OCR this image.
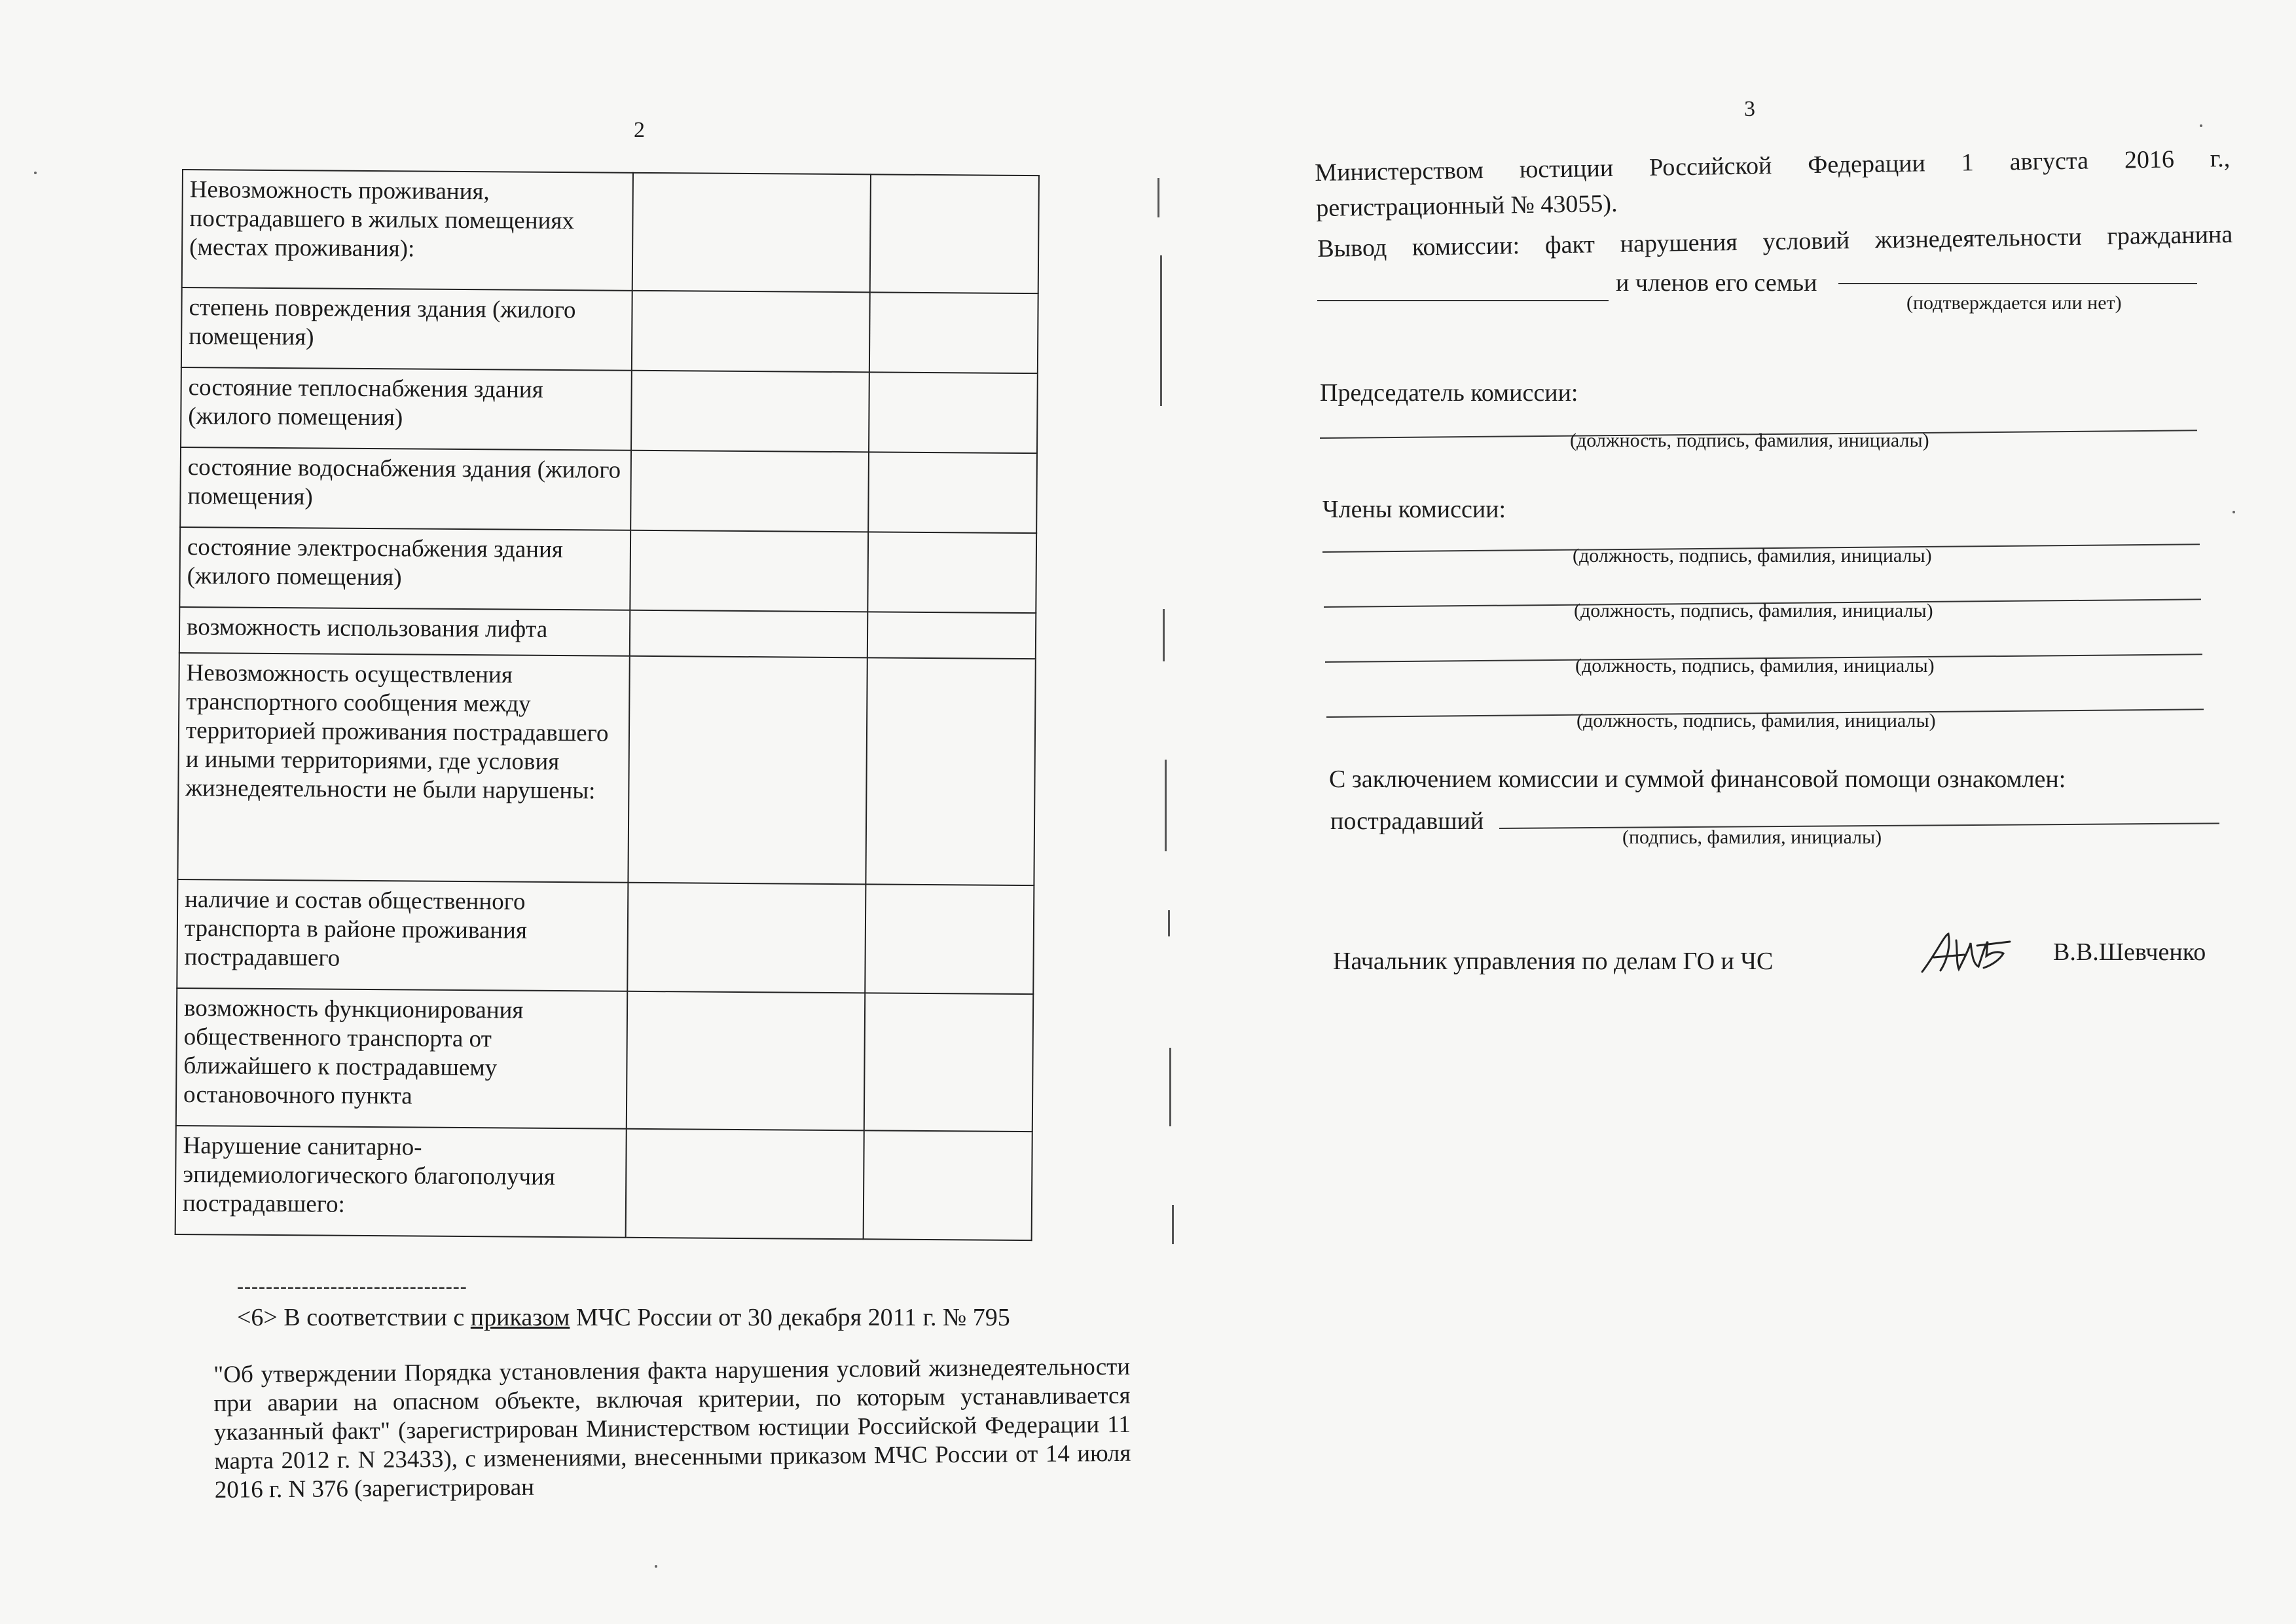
2
Невозможность проживания, пострадавшего в жилых помещениях (местах проживания):		
степень повреждения здания (жилого помещения)		
состояние теплоснабжения здания (жилого помещения)		
состояние водоснабжения здания (жилого помещения)		
состояние электроснабжения здания (жилого помещения)		
возможность использования лифта		
Невозможность осуществления транспортного сообщения между территорией проживания пострадавшего и иными территориями, где условия жизнедеятельности не были нарушены:		
наличие и состав общественного транспорта в районе проживания пострадавшего		
возможность функционирования общественного транспорта от ближайшего к пострадавшему остановочного пункта		
Нарушение санитарно-эпидемиологического благополучия пострадавшего:		
--------------------------------
<6> В соответствии с приказом МЧС России от 30 декабря 2011 г. № 795
"Об утверждении Порядка установления факта нарушения условий жизнедеятельности при аварии на опасном объекте, включая критерии, по которым устанавливается указанный факт" (зарегистрирован Министерством юстиции Российской Федерации 11 марта 2012 г. N 23433), с изменениями, внесенными приказом МЧС России от 14 июля 2016 г. N 376 (зарегистрирован
3
Министерством юстиции Российской Федерации 1 августа 2016 г.,
регистрационный № 43055).
Вывод комиссии: факт нарушения условий жизнедеятельности гражданина
и членов его семьи
(подтверждается или нет)
Председатель комиссии:
(должность, подпись, фамилия, инициалы)
Члены комиссии:
(должность, подпись, фамилия, инициалы)
(должность, подпись, фамилия, инициалы)
(должность, подпись, фамилия, инициалы)
(должность, подпись, фамилия, инициалы)
С заключением комиссии и суммой финансовой помощи ознакомлен:
пострадавший
(подпись, фамилия, инициалы)
Начальник управления по делам ГО и ЧС	В.В.Шевченко
